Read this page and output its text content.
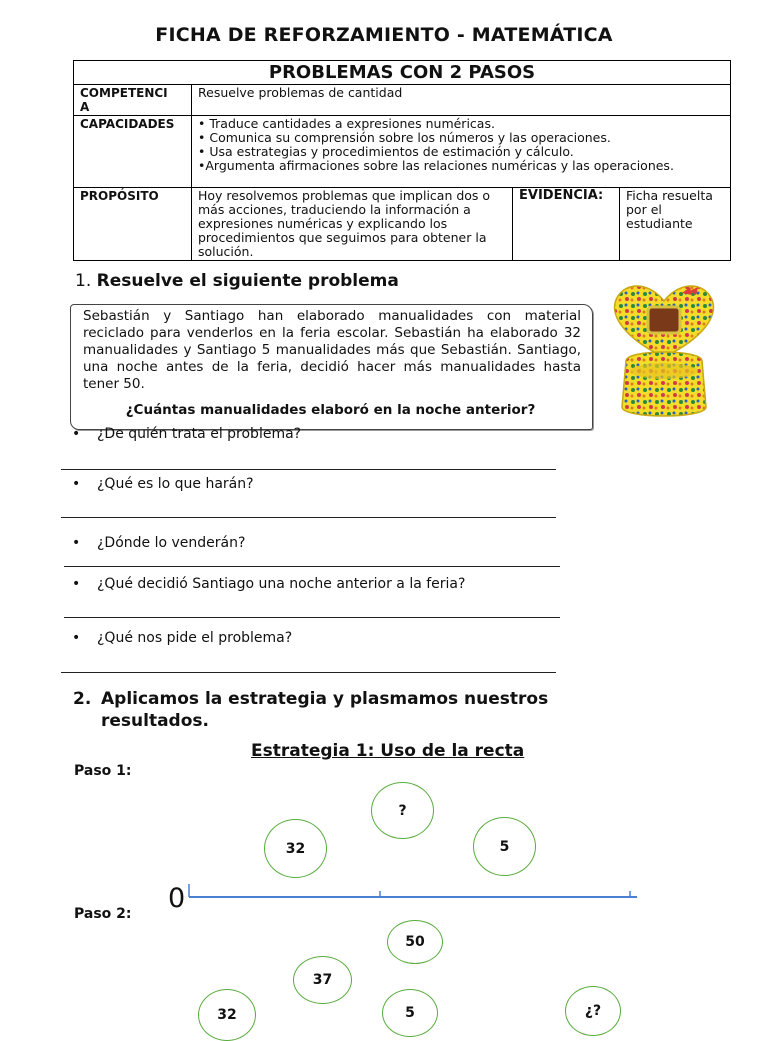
FICHA DE REFORZAMIENTO - MATEMÁTICA
PROBLEMAS CON 2 PASOS			
COMPETENCI
A	Resuelve problemas de cantidad		
CAPACIDADES	• Traduce cantidades a expresiones numéricas.
• Comunica su comprensión sobre los números y las operaciones.
• Usa estrategias y procedimientos de estimación y cálculo.
•Argumenta afirmaciones sobre las relaciones numéricas y las operaciones.		

PROPÓSITO	Hoy resolvemos problemas que implican dos o más acciones, traduciendo la información a expresiones numéricas y explicando los procedimientos que seguimos para obtener la solución.	EVIDENCIA:	Ficha resuelta por el estudiante
1. Resuelve el siguiente problema
Sebastián y Santiago han elaborado manualidades con material reciclado para venderlos en la feria escolar. Sebastián ha elaborado 32 manualidades y Santiago 5 manualidades más que Sebastián. Santiago, una noche antes de la feria, decidió hacer más manualidades hasta tener 50.
¿Cuántas manualidades elaboró en la noche anterior?
• ¿De quién trata el problema?
• ¿Qué es lo que harán?
• ¿Dónde lo venderán?
• ¿Qué decidió Santiago una noche anterior a la feria?
• ¿Qué nos pide el problema?
2. Aplicamos la estrategia y plasmamos nuestros resultados.
Estrategia 1: Uso de la recta
Paso 1:
?
32	5
0
Paso 2:
50
37
32	5	¿?
